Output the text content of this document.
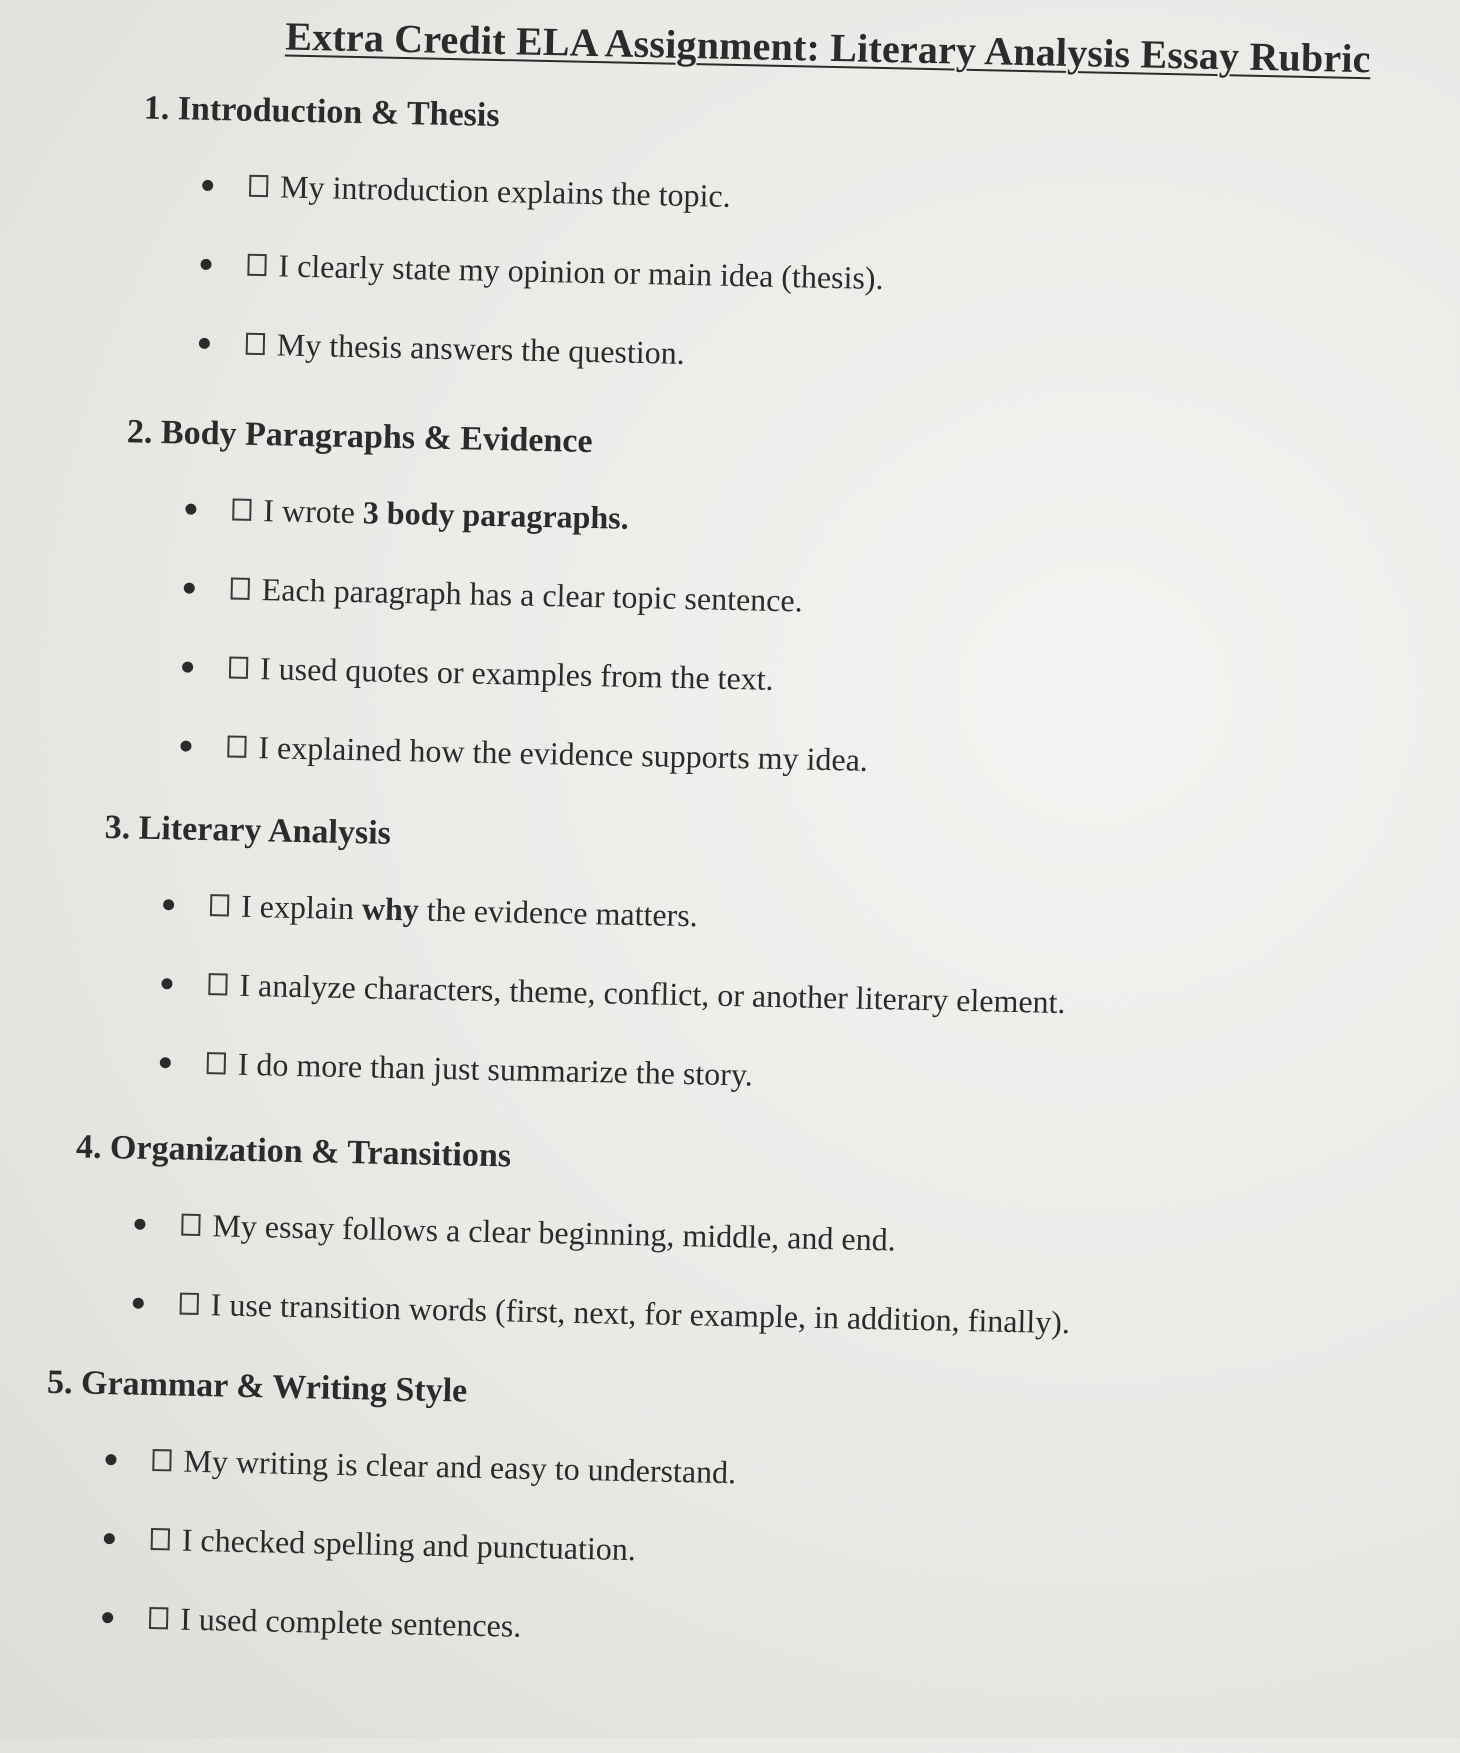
Extra Credit ELA Assignment: Literary Analysis Essay Rubric
1. Introduction & Thesis
My introduction explains the topic.
I clearly state my opinion or main idea (thesis).
My thesis answers the question.
2. Body Paragraphs & Evidence
I wrote 3 body paragraphs.
Each paragraph has a clear topic sentence.
I used quotes or examples from the text.
I explained how the evidence supports my idea.
3. Literary Analysis
I explain why the evidence matters.
I analyze characters, theme, conflict, or another literary element.
I do more than just summarize the story.
4. Organization & Transitions
My essay follows a clear beginning, middle, and end.
I use transition words (first, next, for example, in addition, finally).
5. Grammar & Writing Style
My writing is clear and easy to understand.
I checked spelling and punctuation.
I used complete sentences.
